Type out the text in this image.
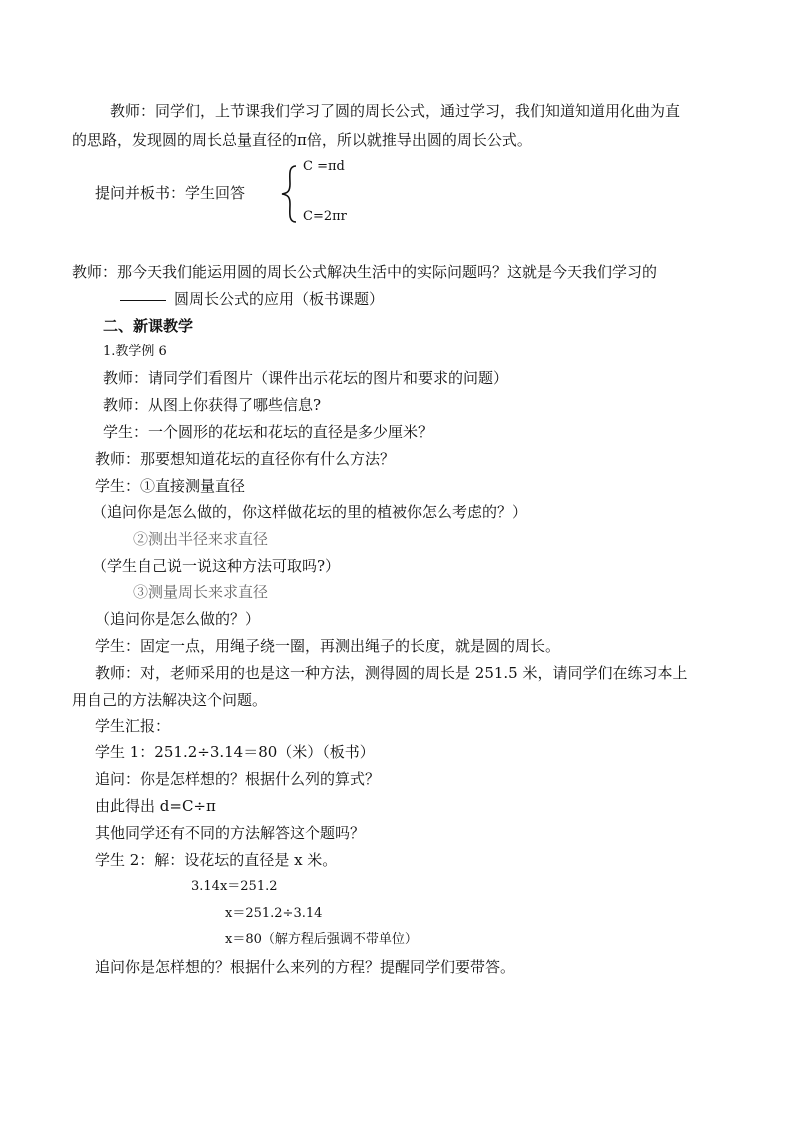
教师：同学们，上节课我们学习了圆的周长公式，通过学习，我们知道知道用化曲为直
的思路，发现圆的周长总量直径的π倍，所以就推导出圆的周长公式。
提问并板书：学生回答
C =πd
C=2πr
教师：那今天我们能运用圆的周长公式解决生活中的实际问题吗？这就是今天我们学习的
圆周长公式的应用（板书课题）
二、新课教学
1.教学例 6
教师：请同学们看图片（课件出示花坛的图片和要求的问题）
教师：从图上你获得了哪些信息?
学生：一个圆形的花坛和花坛的直径是多少厘米？
教师：那要想知道花坛的直径你有什么方法？
学生：①直接测量直径
（追问你是怎么做的，你这样做花坛的里的植被你怎么考虑的？）
②测出半径来求直径
（学生自己说一说这种方法可取吗?）
③测量周长来求直径
（追问你是怎么做的？）
学生：固定一点，用绳子绕一圈，再测出绳子的长度，就是圆的周长。
教师：对，老师采用的也是这一种方法，测得圆的周长是 251.5 米，请同学们在练习本上
用自己的方法解决这个问题。
学生汇报：
学生 1：251.2÷3.14＝80（米）（板书）
追问：你是怎样想的？根据什么列的算式？
由此得出 d=C÷π
其他同学还有不同的方法解答这个题吗？
学生 2：解：设花坛的直径是 x 米。
3.14x＝251.2
x＝251.2÷3.14
x＝80（解方程后强调不带单位）
追问你是怎样想的？根据什么来列的方程？提醒同学们要带答。
